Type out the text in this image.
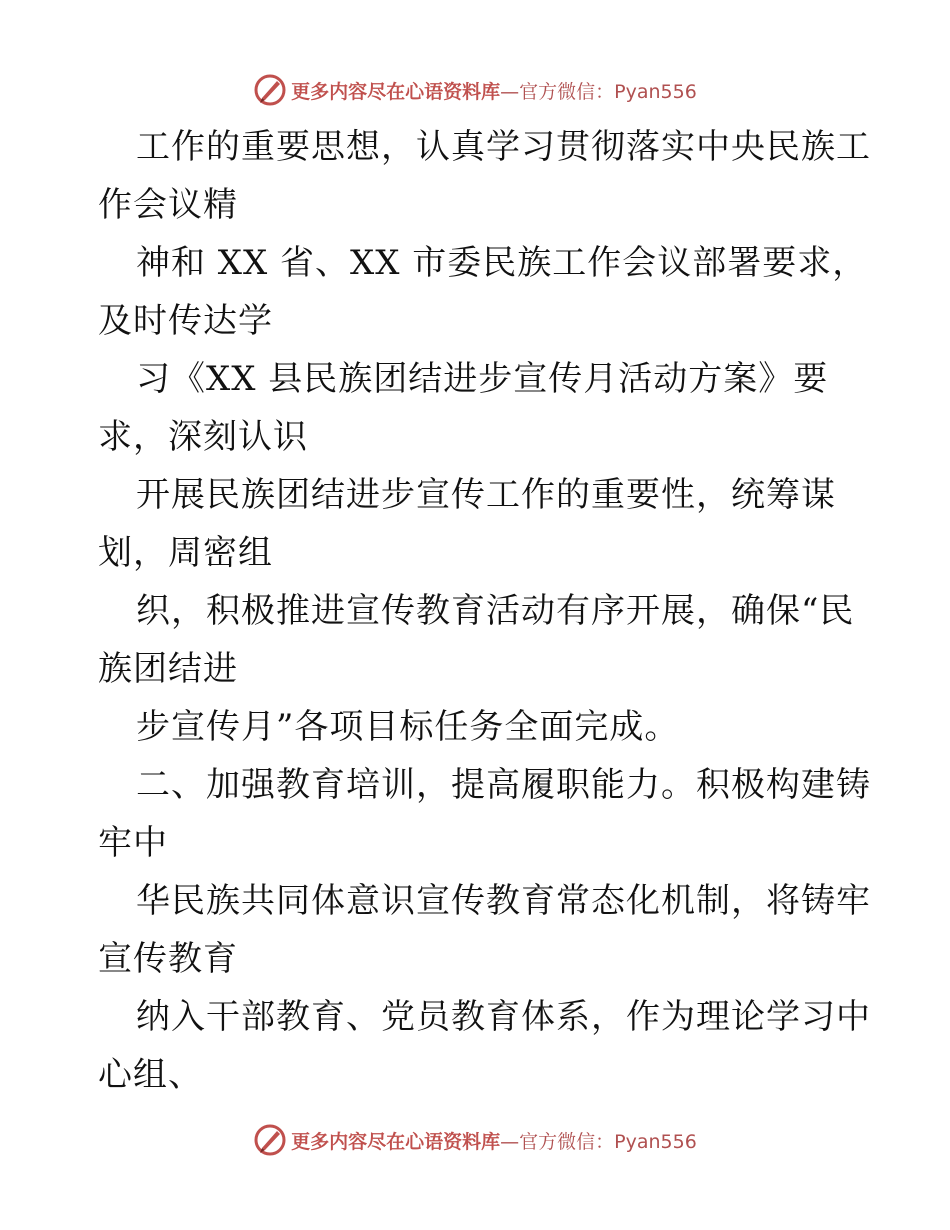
更多内容尽在心语资料库—官方微信：Pyan556
工作的重要思想，认真学习贯彻落实中央民族工
作会议精
神和 XX 省、XX 市委民族工作会议部署要求，
及时传达学
习《XX 县民族团结进步宣传月活动方案》要
求，深刻认识
开展民族团结进步宣传工作的重要性，统筹谋
划，周密组
织，积极推进宣传教育活动有序开展，确保“民
族团结进
步宣传月”各项目标任务全面完成。
二、加强教育培训，提高履职能力。积极构建铸
牢中
华民族共同体意识宣传教育常态化机制，将铸牢
宣传教育
纳入干部教育、党员教育体系，作为理论学习中
心组、
更多内容尽在心语资料库—官方微信：Pyan556
